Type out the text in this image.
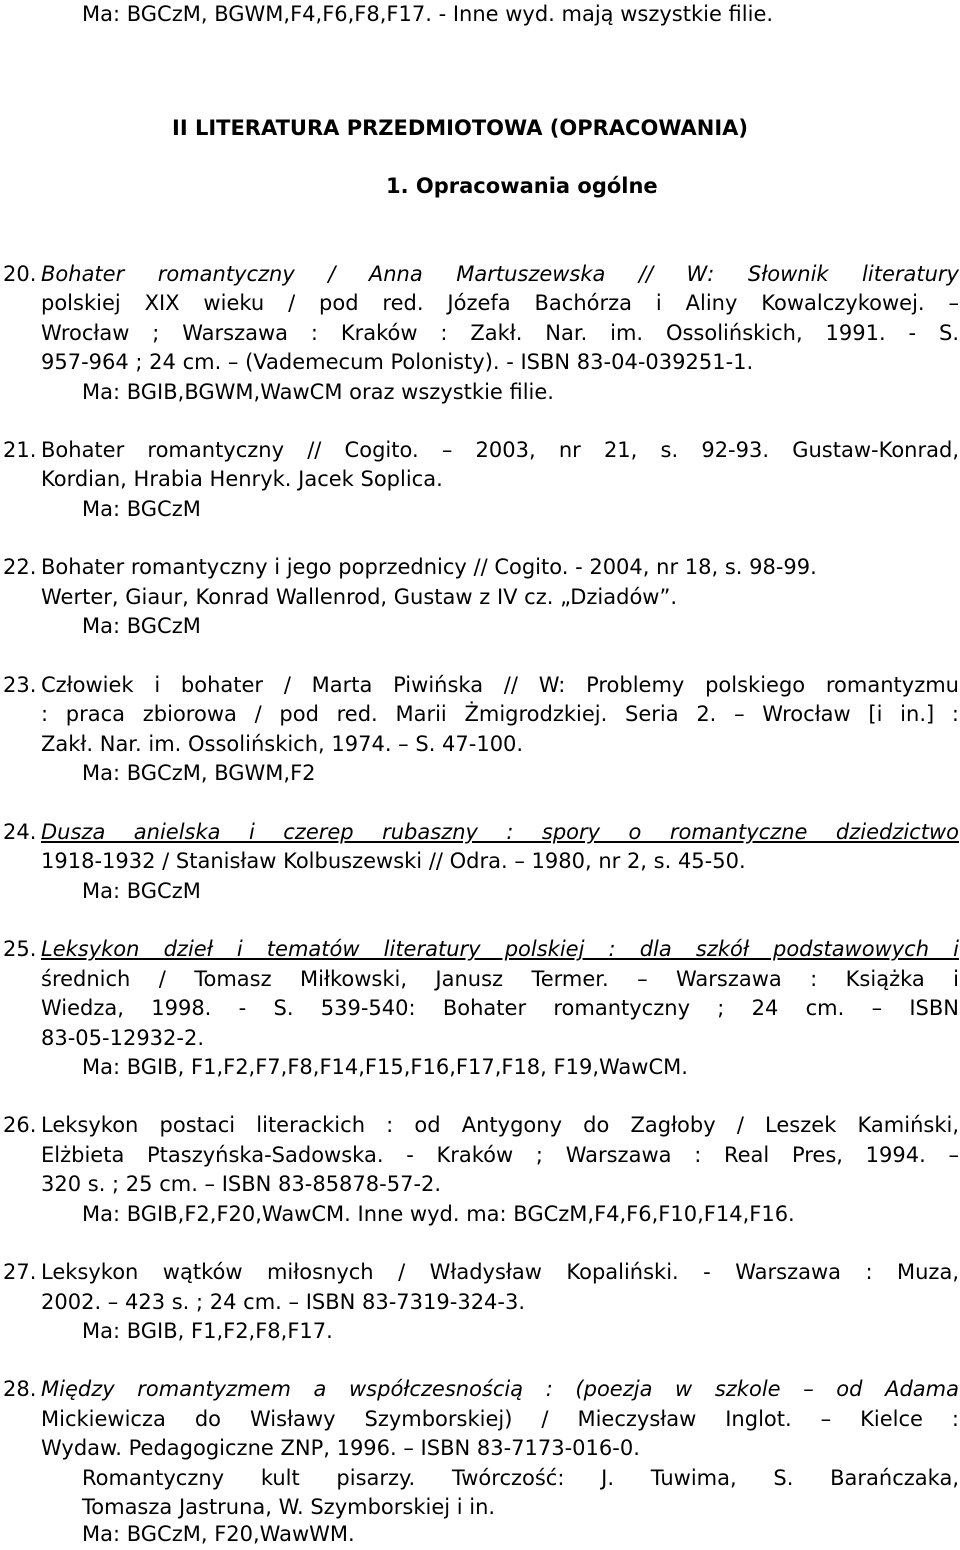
Ma: BGCzM, BGWM,F4,F6,F8,F17. - Inne wyd. mają wszystkie filie.
II LITERATURA PRZEDMIOTOWA (OPRACOWANIA)
1. Opracowania ogólne
20. Bohater romantyczny / Anna Martuszewska // W: Słownik literatury
polskiej XIX wieku / pod red. Józefa Bachórza i Aliny Kowalczykowej. –
Wrocław ; Warszawa : Kraków : Zakł. Nar. im. Ossolińskich, 1991. - S.
957-964 ; 24 cm. – (Vademecum Polonisty). - ISBN 83-04-039251-1.
Ma: BGIB,BGWM,WawCM oraz wszystkie filie.
21. Bohater romantyczny // Cogito. – 2003, nr 21, s. 92-93. Gustaw-Konrad,
Kordian, Hrabia Henryk. Jacek Soplica.
Ma: BGCzM
22. Bohater romantyczny i jego poprzednicy // Cogito. - 2004, nr 18, s. 98-99.
Werter, Giaur, Konrad Wallenrod, Gustaw z IV cz. „Dziadów”.
Ma: BGCzM
23. Człowiek i bohater / Marta Piwińska // W: Problemy polskiego romantyzmu
: praca zbiorowa / pod red. Marii Żmigrodzkiej. Seria 2. – Wrocław [i in.] :
Zakł. Nar. im. Ossolińskich, 1974. – S. 47-100.
Ma: BGCzM, BGWM,F2
24. Dusza anielska i czerep rubaszny : spory o romantyczne dziedzictwo
1918-1932 / Stanisław Kolbuszewski // Odra. – 1980, nr 2, s. 45-50.
Ma: BGCzM
25. Leksykon dzieł i tematów literatury polskiej : dla szkół podstawowych i
średnich / Tomasz Miłkowski, Janusz Termer. – Warszawa : Książka i
Wiedza, 1998. - S. 539-540: Bohater romantyczny ; 24 cm. – ISBN
83-05-12932-2.
Ma: BGIB, F1,F2,F7,F8,F14,F15,F16,F17,F18, F19,WawCM.
26. Leksykon postaci literackich : od Antygony do Zagłoby / Leszek Kamiński,
Elżbieta Ptaszyńska-Sadowska. - Kraków ; Warszawa : Real Pres, 1994. –
320 s. ; 25 cm. – ISBN 83-85878-57-2.
Ma: BGIB,F2,F20,WawCM. Inne wyd. ma: BGCzM,F4,F6,F10,F14,F16.
27. Leksykon wątków miłosnych / Władysław Kopaliński. - Warszawa : Muza,
2002. – 423 s. ; 24 cm. – ISBN 83-7319-324-3.
Ma: BGIB, F1,F2,F8,F17.
28. Między romantyzmem a współczesnością : (poezja w szkole – od Adama
Mickiewicza do Wisławy Szymborskiej) / Mieczysław Inglot. – Kielce :
Wydaw. Pedagogiczne ZNP, 1996. – ISBN 83-7173-016-0.
Romantyczny kult pisarzy. Twórczość: J. Tuwima, S. Barańczaka,
Tomasza Jastruna, W. Szymborskiej i in.
Ma: BGCzM, F20,WawWM.
